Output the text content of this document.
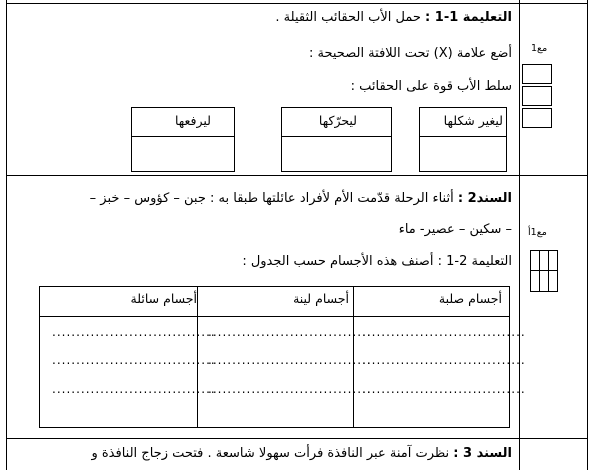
التعليمة 1-1 : حمل الأب الحقائب الثقيلة .
أضع علامة (X) تحت اللافتة الصحيحة :
سلط الأب قوة على الحقائب :
ليغير شكلها
ليحرّكها
ليرفعها
مع1
السند2 : أثناء الرحلة قدّمت الأم لأفراد عائلتها طبقا به : جبن – كؤوس – خبز –
– سكين – عصير- ماء
التعليمة 2-1 : أصنف هذه الأجسام حسب الجدول :
مع1أ
أجسام صلبة
أجسام لينة
أجسام سائلة
..................................
..................................
..................................
..................................
..................................
..................................
..................................
..................................
..................................
السند 3 : نظرت آمنة عبر النافذة فرأت سهولا شاسعة . فتحت زجاج النافذة و
